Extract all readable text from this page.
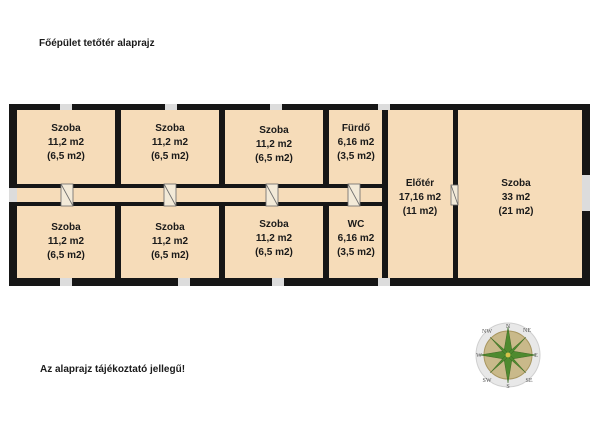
Főépület tetőtér alaprajz
Az alaprajz tájékoztató jellegű!
Szoba
11,2 m2
(6,5 m2)
Szoba
11,2 m2
(6,5 m2)
Szoba
11,2 m2
(6,5 m2)
Fürdő
6,16 m2
(3,5 m2)
Szoba
11,2 m2
(6,5 m2)
Szoba
11,2 m2
(6,5 m2)
Szoba
11,2 m2
(6,5 m2)
WC
6,16 m2
(3,5 m2)
Előtér
17,16 m2
(11 m2)
Szoba
33 m2
(21 m2)
NE
E
SE
S
SW
W
NW
N
